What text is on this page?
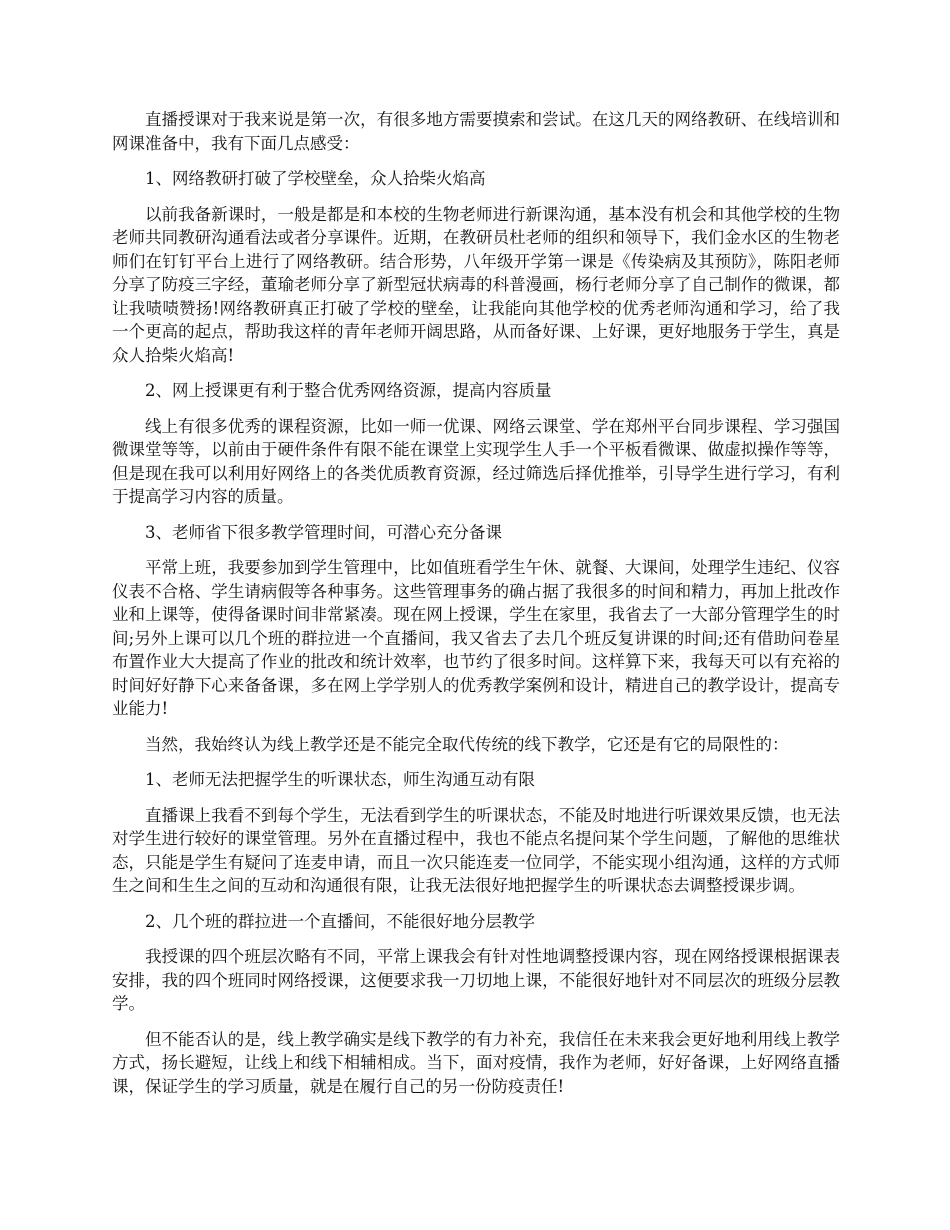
直播授课对于我来说是第一次，有很多地方需要摸索和尝试。在这几天的网络教研、在线培训和网课准备中，我有下面几点感受：

1、网络教研打破了学校壁垒，众人拾柴火焰高

以前我备新课时，一般是都是和本校的生物老师进行新课沟通，基本没有机会和其他学校的生物老师共同教研沟通看法或者分享课件。近期，在教研员杜老师的组织和领导下，我们金水区的生物老师们在钉钉平台上进行了网络教研。结合形势，八年级开学第一课是《传染病及其预防》，陈阳老师分享了防疫三字经，董瑜老师分享了新型冠状病毒的科普漫画，杨行老师分享了自己制作的微课，都让我啧啧赞扬!网络教研真正打破了学校的壁垒，让我能向其他学校的优秀老师沟通和学习，给了我一个更高的起点，帮助我这样的青年老师开阔思路，从而备好课、上好课，更好地服务于学生，真是众人拾柴火焰高!

2、网上授课更有利于整合优秀网络资源，提高内容质量

线上有很多优秀的课程资源，比如一师一优课、网络云课堂、学在郑州平台同步课程、学习强国微课堂等等，以前由于硬件条件有限不能在课堂上实现学生人手一个平板看微课、做虚拟操作等等，但是现在我可以利用好网络上的各类优质教育资源，经过筛选后择优推举，引导学生进行学习，有利于提高学习内容的质量。

3、老师省下很多教学管理时间，可潜心充分备课

平常上班，我要参加到学生管理中，比如值班看学生午休、就餐、大课间，处理学生违纪、仪容仪表不合格、学生请病假等各种事务。这些管理事务的确占据了我很多的时间和精力，再加上批改作业和上课等，使得备课时间非常紧凑。现在网上授课，学生在家里，我省去了一大部分管理学生的时间;另外上课可以几个班的群拉进一个直播间，我又省去了去几个班反复讲课的时间;还有借助问卷星布置作业大大提高了作业的批改和统计效率，也节约了很多时间。这样算下来，我每天可以有充裕的时间好好静下心来备备课，多在网上学学别人的优秀教学案例和设计，精进自己的教学设计，提高专业能力!

当然，我始终认为线上教学还是不能完全取代传统的线下教学，它还是有它的局限性的：

1、老师无法把握学生的听课状态，师生沟通互动有限

直播课上我看不到每个学生，无法看到学生的听课状态，不能及时地进行听课效果反馈，也无法对学生进行较好的课堂管理。另外在直播过程中，我也不能点名提问某个学生问题，了解他的思维状态，只能是学生有疑问了连麦申请，而且一次只能连麦一位同学，不能实现小组沟通，这样的方式师生之间和生生之间的互动和沟通很有限，让我无法很好地把握学生的听课状态去调整授课步调。

2、几个班的群拉进一个直播间，不能很好地分层教学

我授课的四个班层次略有不同，平常上课我会有针对性地调整授课内容，现在网络授课根据课表安排，我的四个班同时网络授课，这便要求我一刀切地上课，不能很好地针对不同层次的班级分层教学。

但不能否认的是，线上教学确实是线下教学的有力补充，我信任在未来我会更好地利用线上教学方式，扬长避短，让线上和线下相辅相成。当下，面对疫情，我作为老师，好好备课，上好网络直播课，保证学生的学习质量，就是在履行自己的另一份防疫责任!
